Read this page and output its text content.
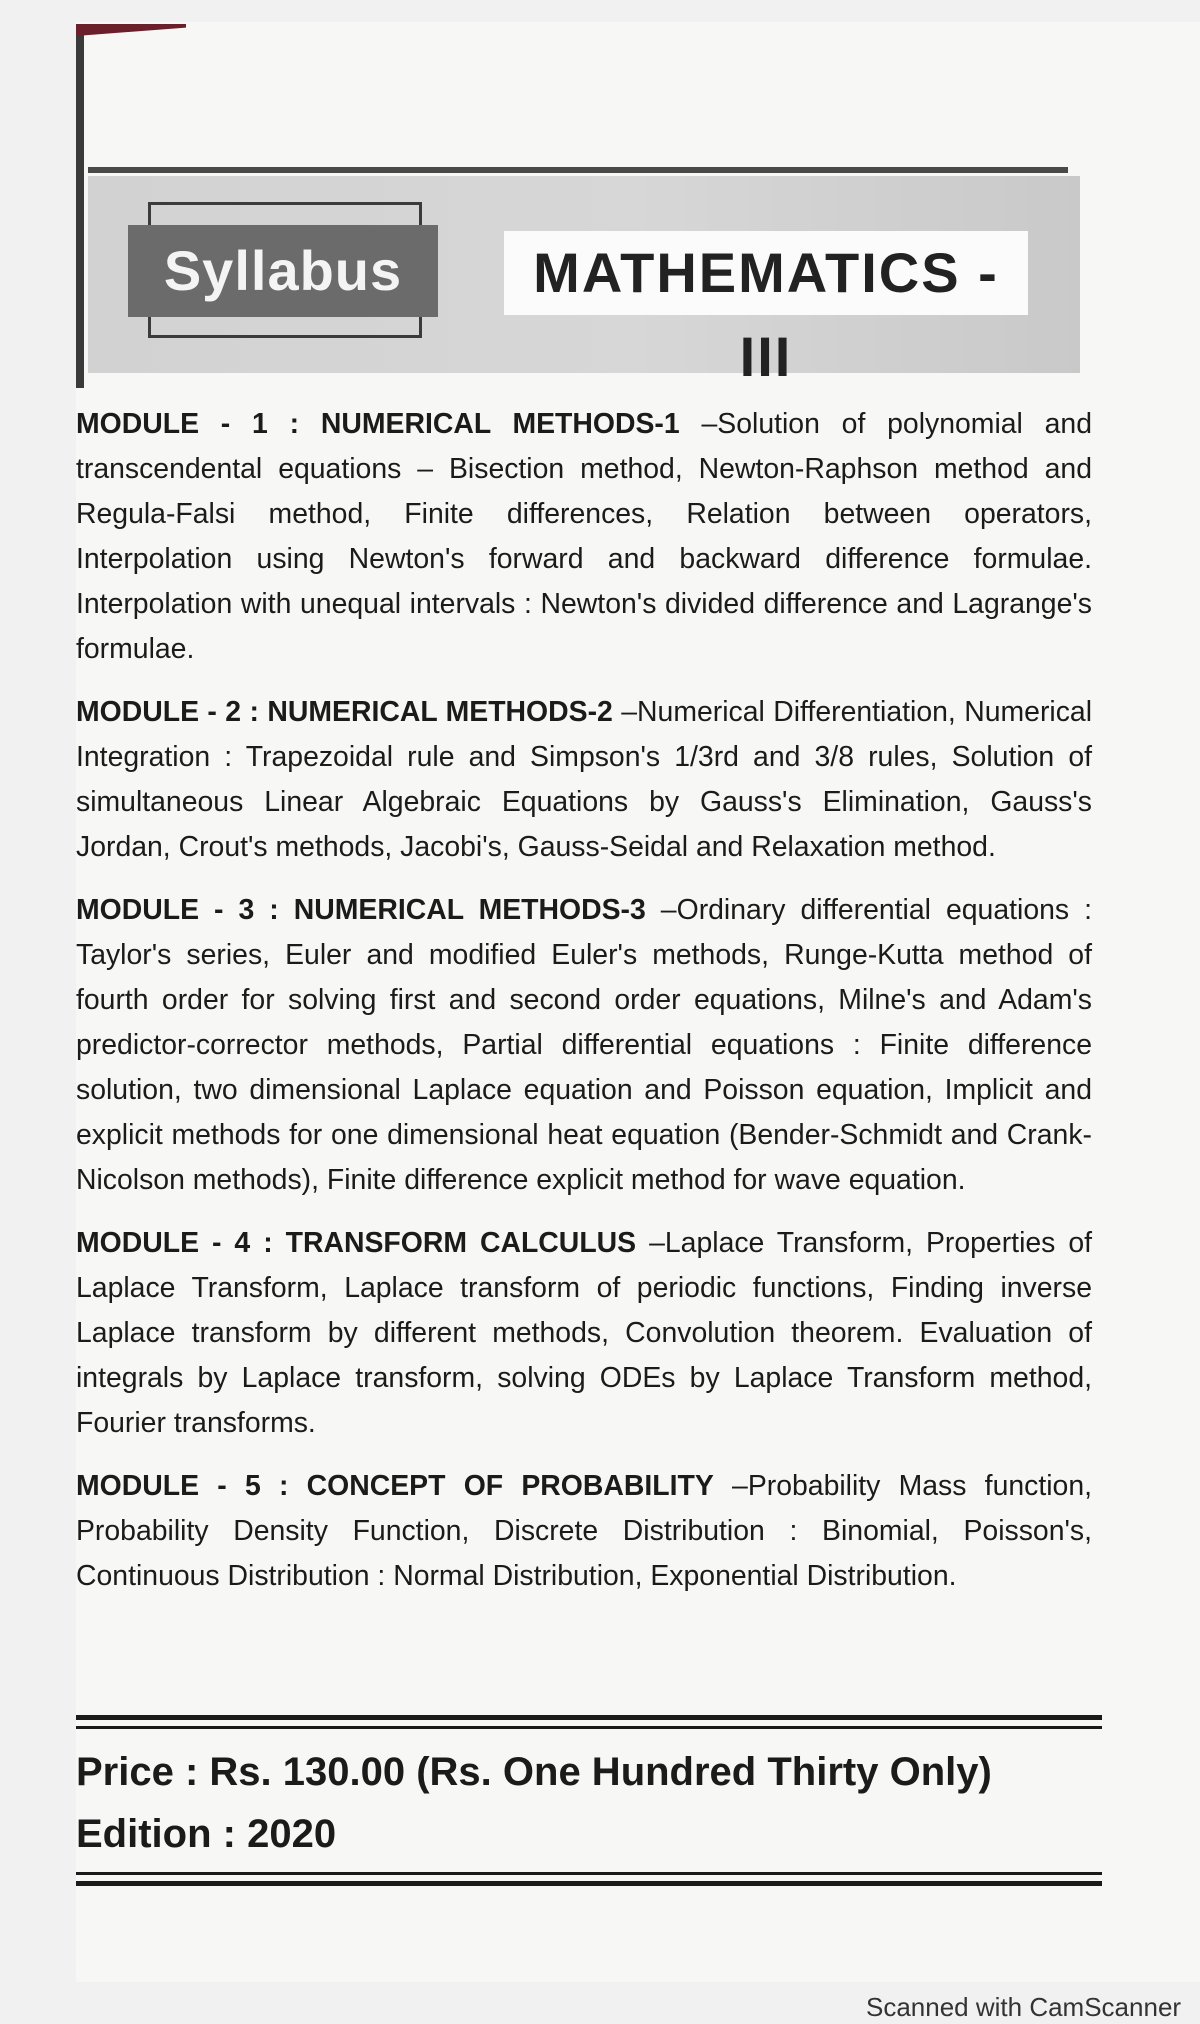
Syllabus	MATHEMATICS - III

MODULE - 1 : NUMERICAL METHODS-1 – Solution of polynomial and transcendental equations – Bisection method, Newton-Raphson method and Regula-Falsi method, Finite differences, Relation between operators, Interpolation using Newton's forward and backward difference formulae. Interpolation with unequal intervals : Newton's divided difference and Lagrange's formulae.

MODULE - 2 : NUMERICAL METHODS-2 – Numerical Differentiation, Numerical Integration : Trapezoidal rule and Simpson's 1/3rd and 3/8 rules, Solution of simultaneous Linear Algebraic Equations by Gauss's Elimination, Gauss's Jordan, Crout's methods, Jacobi's, Gauss-Seidal and Relaxation method.

MODULE - 3 : NUMERICAL METHODS-3 – Ordinary differential equations : Taylor's series, Euler and modified Euler's methods, Runge-Kutta method of fourth order for solving first and second order equations, Milne's and Adam's predictor-corrector methods, Partial differential equations : Finite difference solution, two dimensional Laplace equation and Poisson equation, Implicit and explicit methods for one dimensional heat equation (Bender-Schmidt and Crank-Nicolson methods), Finite difference explicit method for wave equation.

MODULE - 4 : TRANSFORM CALCULUS – Laplace Transform, Properties of Laplace Transform, Laplace transform of periodic functions, Finding inverse Laplace transform by different methods, Convolution theorem. Evaluation of integrals by Laplace transform, solving ODEs by Laplace Transform method, Fourier transforms.

MODULE - 5 : CONCEPT OF PROBABILITY – Probability Mass function, Probability Density Function, Discrete Distribution : Binomial, Poisson's, Continuous Distribution : Normal Distribution, Exponential Distribution.

Price : Rs. 130.00 (Rs. One Hundred Thirty Only)
Edition : 2020
Scanned with CamScanner
